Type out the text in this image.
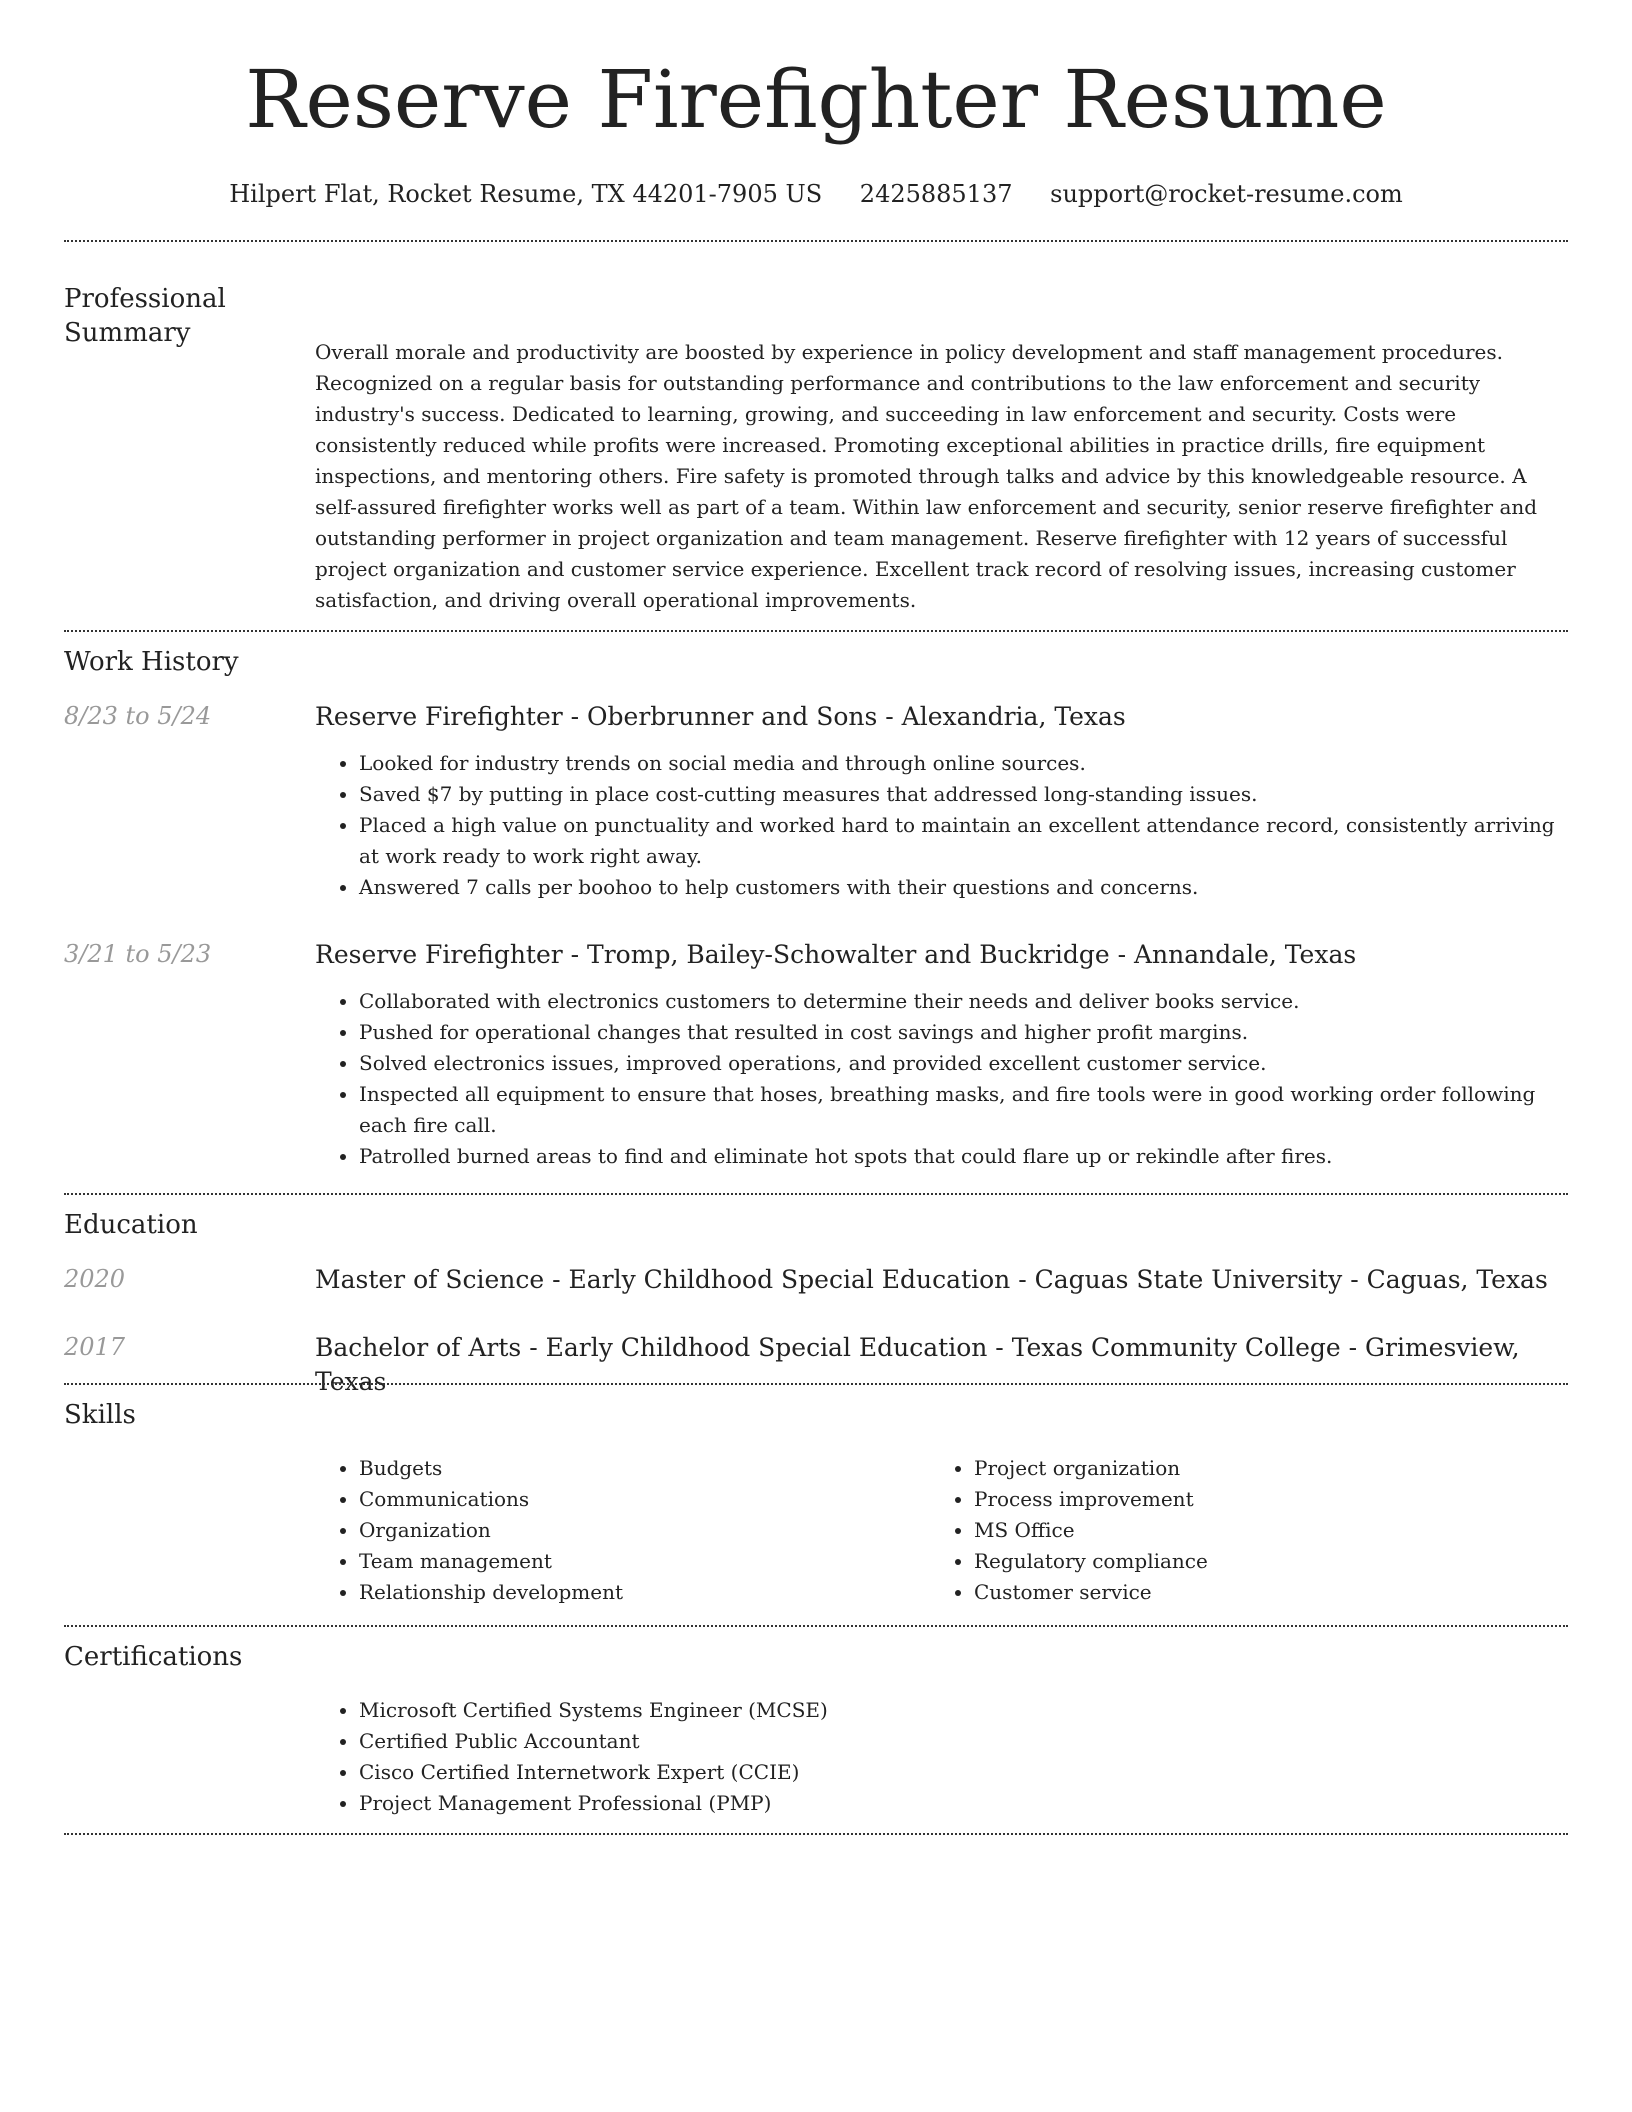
Reserve Firefighter Resume
Hilpert Flat, Rocket Resume, TX 44201-7905 US 2425885137 support@rocket-resume.com
Professional Summary
Overall morale and productivity are boosted by experience in policy development and staff management procedures. Recognized on a regular basis for outstanding performance and contributions to the law enforcement and security industry's success. Dedicated to learning, growing, and succeeding in law enforcement and security. Costs were consistently reduced while profits were increased. Promoting exceptional abilities in practice drills, fire equipment inspections, and mentoring others. Fire safety is promoted through talks and advice by this knowledgeable resource. A self-assured firefighter works well as part of a team. Within law enforcement and security, senior reserve firefighter and outstanding performer in project organization and team management. Reserve firefighter with 12 years of successful project organization and customer service experience. Excellent track record of resolving issues, increasing customer satisfaction, and driving overall operational improvements.
Work History
8/23 to 5/24	Reserve Firefighter - Oberbrunner and Sons - Alexandria, Texas
• Looked for industry trends on social media and through online sources.
• Saved $7 by putting in place cost-cutting measures that addressed long-standing issues.
• Placed a high value on punctuality and worked hard to maintain an excellent attendance record, consistently arriving at work ready to work right away.
• Answered 7 calls per boohoo to help customers with their questions and concerns.
3/21 to 5/23	Reserve Firefighter - Tromp, Bailey-Schowalter and Buckridge - Annandale, Texas
• Collaborated with electronics customers to determine their needs and deliver books service.
• Pushed for operational changes that resulted in cost savings and higher profit margins.
• Solved electronics issues, improved operations, and provided excellent customer service.
• Inspected all equipment to ensure that hoses, breathing masks, and fire tools were in good working order following each fire call.
• Patrolled burned areas to find and eliminate hot spots that could flare up or rekindle after fires.
Education
2020	Master of Science - Early Childhood Special Education - Caguas State University - Caguas, Texas
2017	Bachelor of Arts - Early Childhood Special Education - Texas Community College - Grimesview, Texas
Skills
• Budgets
• Communications
• Organization
• Team management
• Relationship development
• Project organization
• Process improvement
• MS Office
• Regulatory compliance
• Customer service
Certifications
• Microsoft Certified Systems Engineer (MCSE)
• Certified Public Accountant
• Cisco Certified Internetwork Expert (CCIE)
• Project Management Professional (PMP)
